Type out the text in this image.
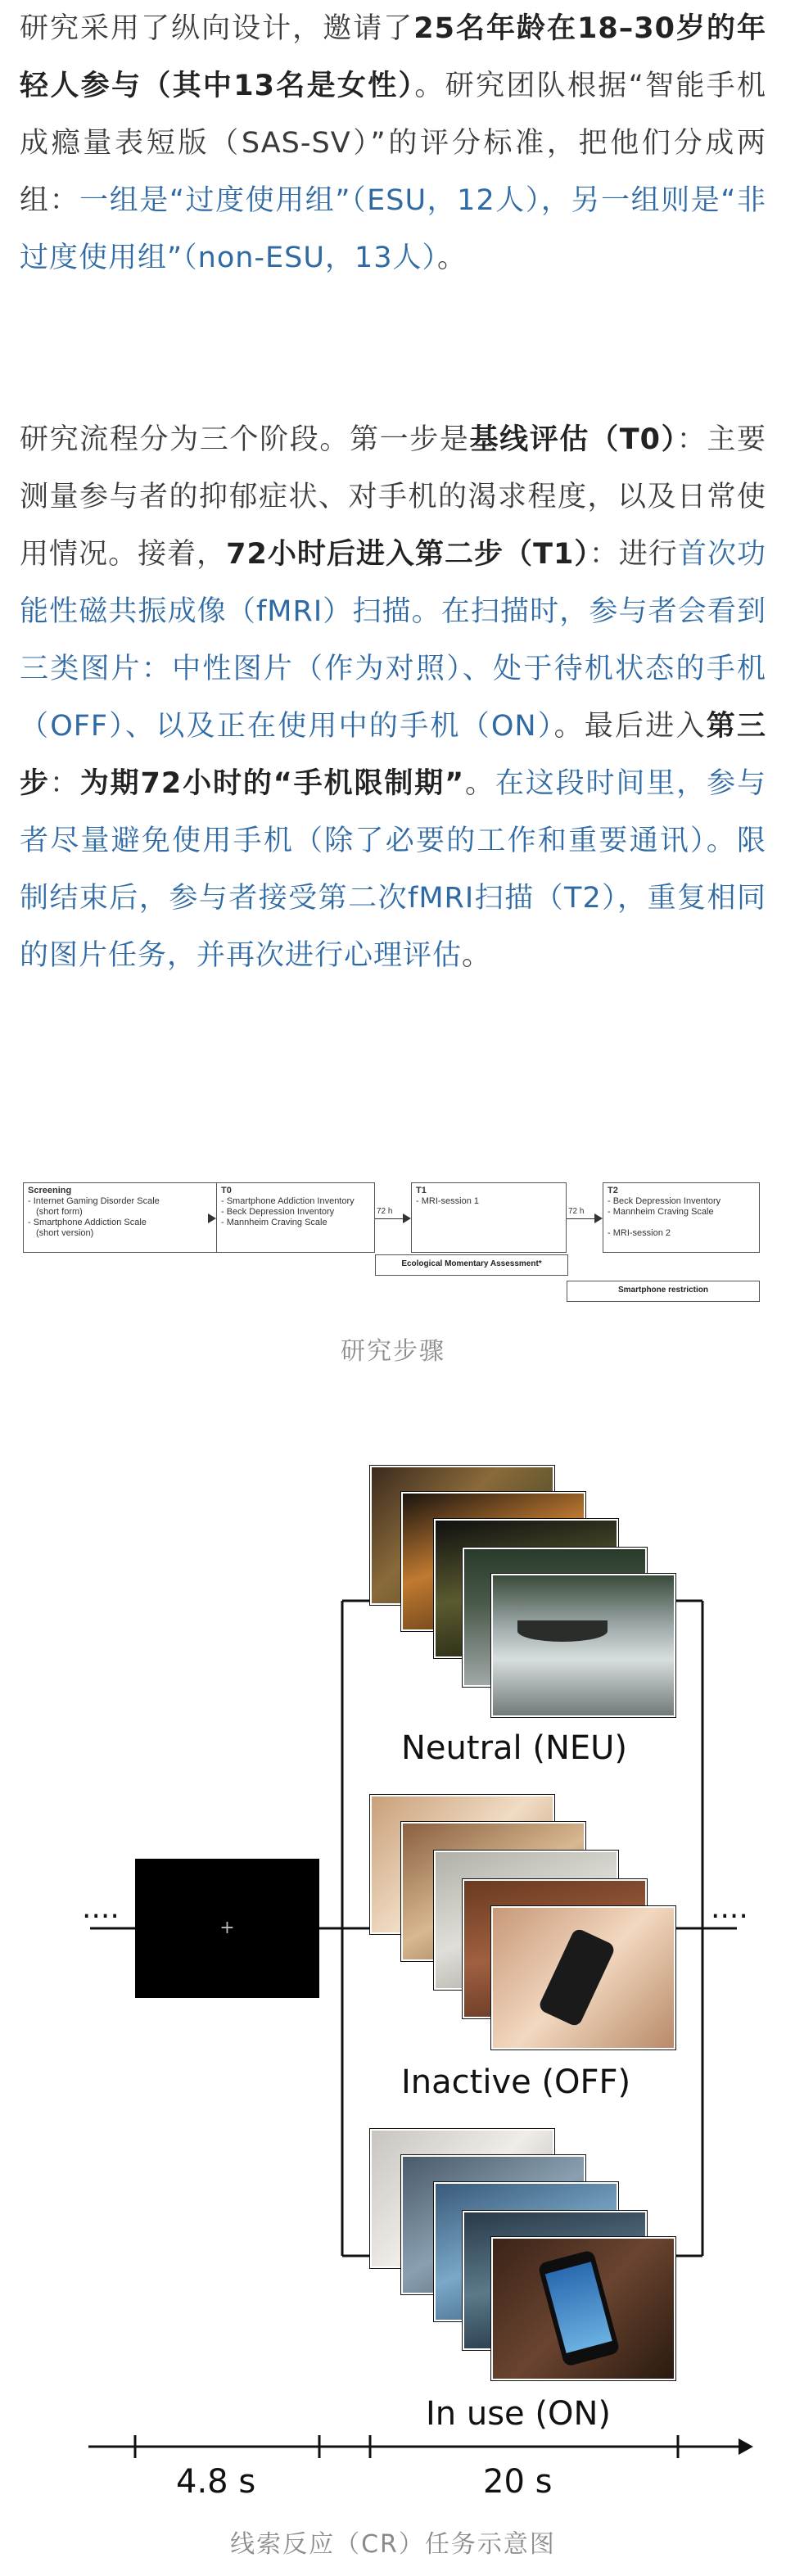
研究采用了纵向设计，邀请了25名年龄在18–30岁的年轻人参与（其中13名是女性）。研究团队根据“智能手机成瘾量表短版（SAS-SV）”的评分标准，把他们分成两组：一组是“过度使用组”（ESU，12人），另一组则是“非过度使用组”（non-ESU，13人）。

研究流程分为三个阶段。第一步是基线评估（T0）：主要测量参与者的抑郁症状、对手机的渴求程度，以及日常使用情况。接着，72小时后进入第二步（T1）：进行首次功能性磁共振成像（fMRI）扫描。在扫描时，参与者会看到三类图片：中性图片（作为对照）、处于待机状态的手机（OFF）、以及正在使用中的手机（ON）。最后进入第三步：为期72小时的“手机限制期”。在这段时间里，参与者尽量避免使用手机（除了必要的工作和重要通讯）。限制结束后，参与者接受第二次fMRI扫描（T2），重复相同的图片任务，并再次进行心理评估。

Screening
- Internet Gaming Disorder Scale
(short form)
- Smartphone Addiction Scale
(short version)
T0
- Smartphone Addiction Inventory
- Beck Depression Inventory
- Mannheim Craving Scale
72 h
T1
- MRI-session 1
72 h
T2
- Beck Depression Inventory
- Mannheim Craving Scale
- MRI-session 2
Ecological Momentary Assessment*
Smartphone restriction
研究步骤
····	····
+
Neutral (NEU)
Inactive (OFF)
In use (ON)
4.8 s	20 s
线索反应（CR）任务示意图
